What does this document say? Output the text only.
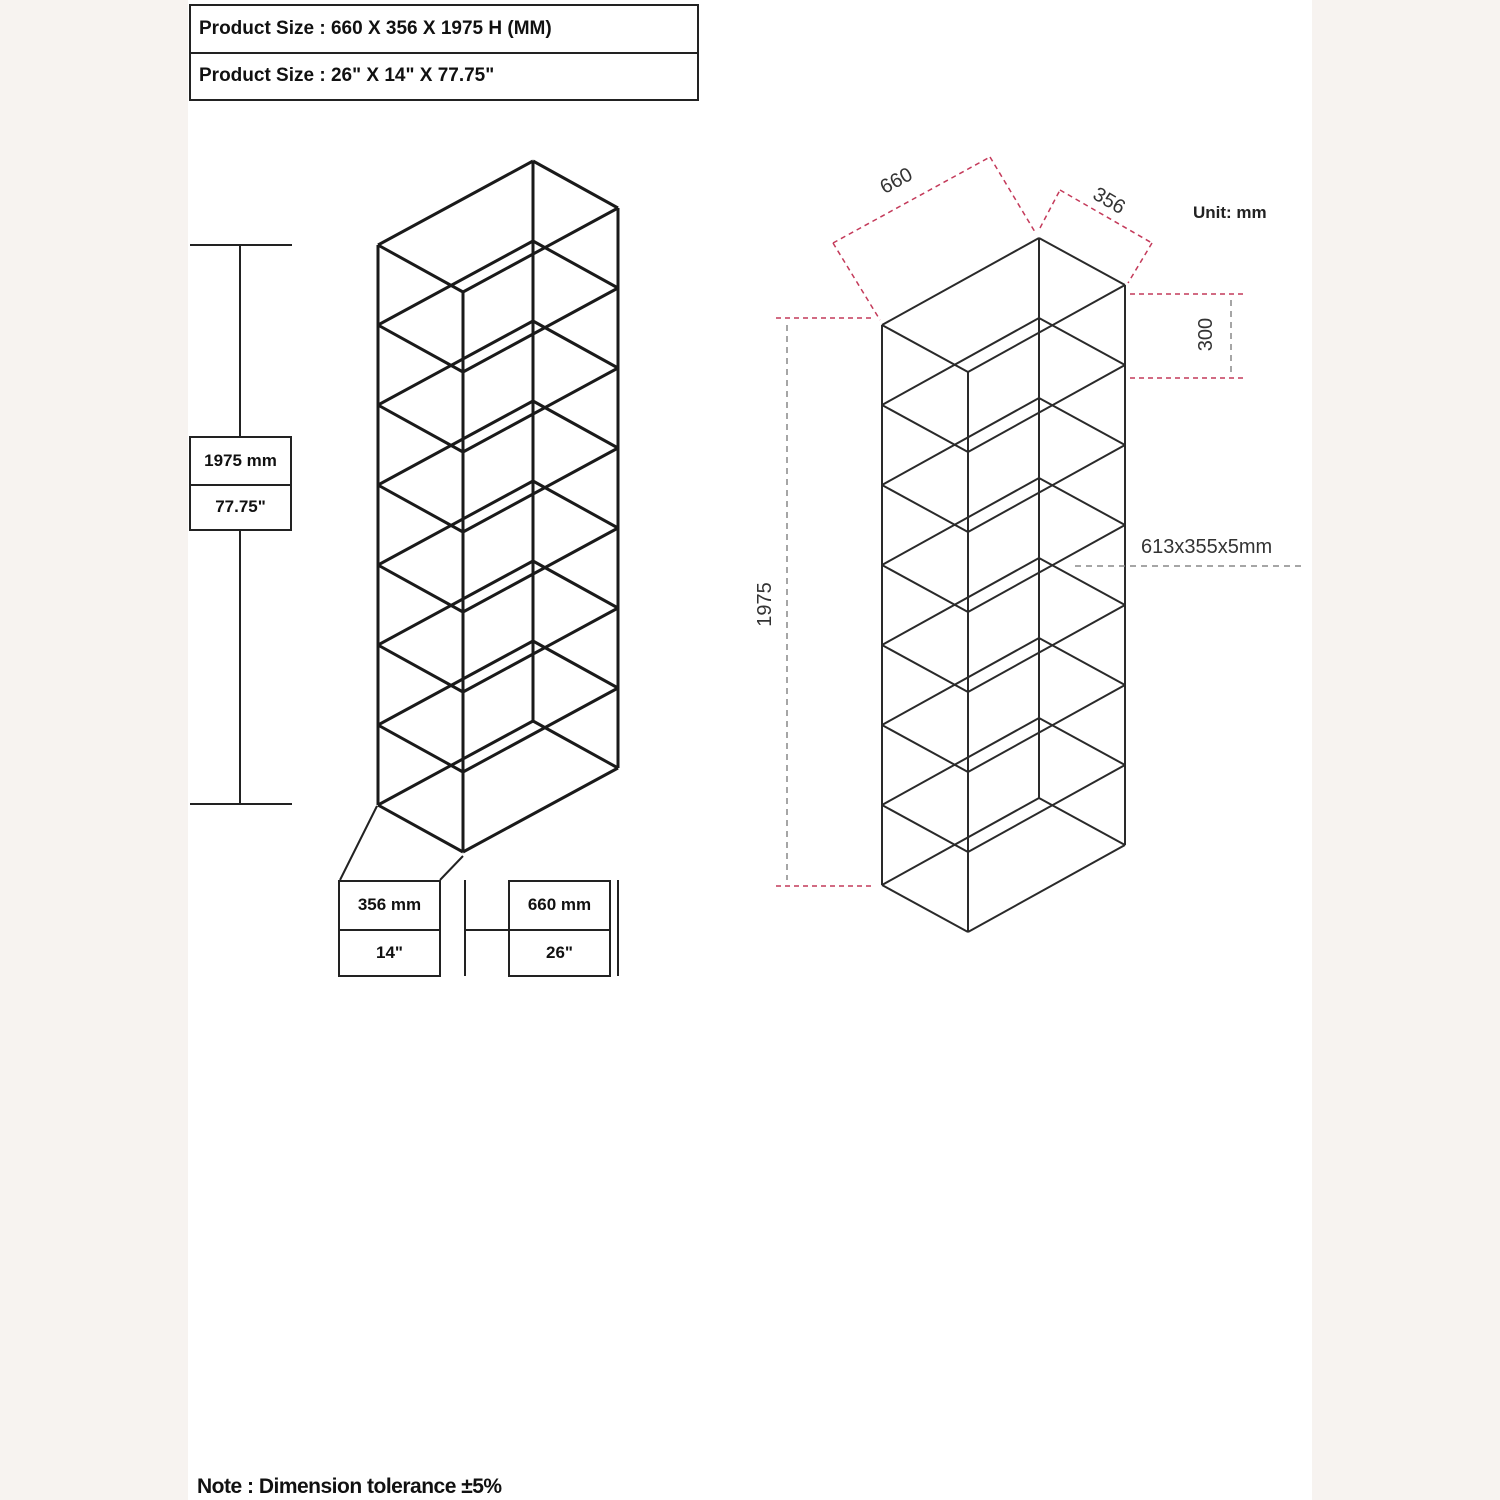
Product Size : 660 X 356 X 1975 H (MM)
Product Size : 26" X 14" X 77.75"
1975 mm
77.75"
356 mm
14"
660 mm
26"
660
356	Unit: mm
300
1975
613x355x5mm
Note : Dimension tolerance ±5%
